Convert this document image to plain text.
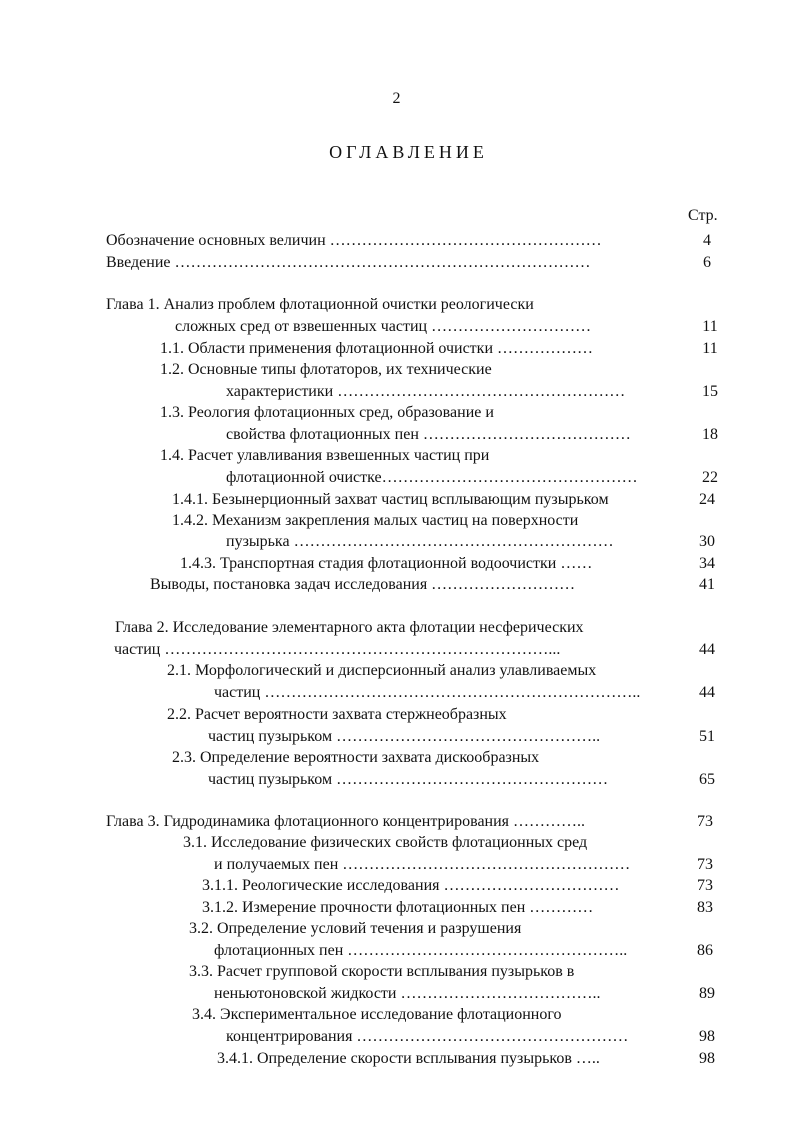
2
ОГЛАВЛЕНИЕ
Стр.
Обозначение основных величин ……………………………………………	4
Введение ……………………………………………………………………	6
Глава 1. Анализ проблем флотационной очистки реологически
сложных сред от взвешенных частиц …………………………	11
1.1. Области применения флотационной очистки ………………	11
1.2. Основные типы флотаторов, их технические
характеристики ………………………………………………	15
1.3. Реология флотационных сред, образование и
свойства флотационных пен …………………………………	18
1.4. Расчет улавливания взвешенных частиц при
флотационной очистке…………………………………………	22
1.4.1. Безынерционный захват частиц всплывающим пузырьком	24
1.4.2. Механизм закрепления малых частиц на поверхности
пузырька ……………………………………………………	30
1.4.3. Транспортная стадия флотационной водоочистки ……	34
Выводы, постановка задач исследования ………………………	41
Глава 2. Исследование элементарного акта флотации несферических
частиц ………………………………………………………………...	44
2.1. Морфологический и дисперсионный анализ улавливаемых
частиц ……………………………………………………………..	44
2.2. Расчет вероятности захвата стержнеобразных
частиц пузырьком …………………………………………..	51
2.3. Определение вероятности захвата дискообразных
частиц пузырьком ……………………………………………	65
Глава 3. Гидродинамика флотационного концентрирования …………..	73
3.1. Исследование физических свойств флотационных сред
и получаемых пен ………………………………………………	73
3.1.1. Реологические исследования ……………………………	73
3.1.2. Измерение прочности флотационных пен …………	83
3.2. Определение условий течения и разрушения
флотационных пен ……………………………………………..	86
3.3. Расчет групповой скорости всплывания пузырьков в
неньютоновской жидкости ………………………………..	89
3.4. Экспериментальное исследование флотационного
концентрирования ……………………………………………	98
3.4.1. Определение скорости всплывания пузырьков …..	98
